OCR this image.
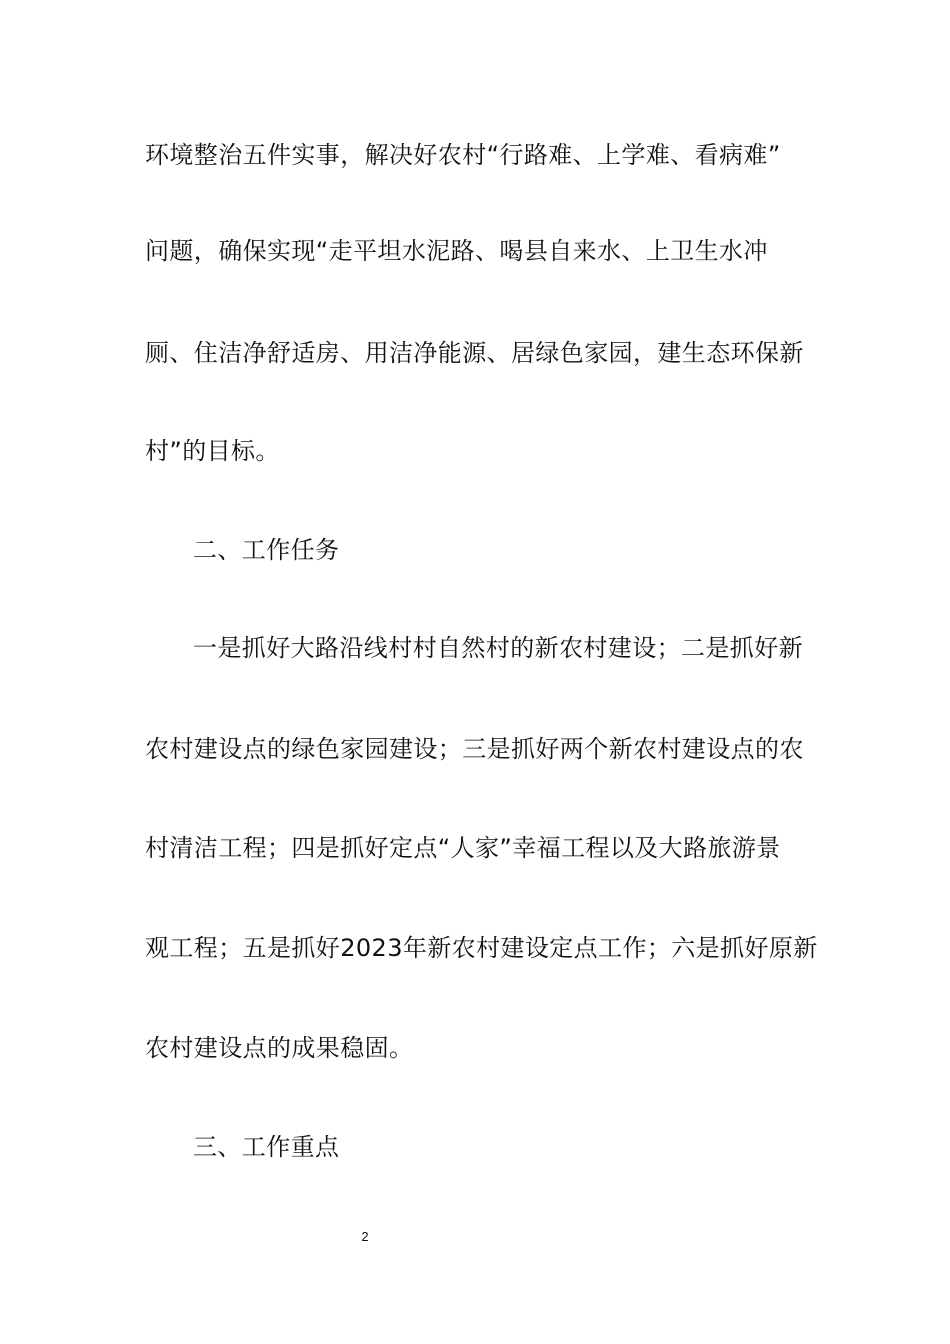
环境整治五件实事，解决好农村“行路难、上学难、看病难”
问题，确保实现“走平坦水泥路、喝县自来水、上卫生水冲
厕、住洁净舒适房、用洁净能源、居绿色家园，建生态环保新
村”的目标。
二、工作任务
一是抓好大路沿线村村自然村的新农村建设；二是抓好新
农村建设点的绿色家园建设；三是抓好两个新农村建设点的农
村清洁工程；四是抓好定点“人家”幸福工程以及大路旅游景
观工程；五是抓好2023年新农村建设定点工作；六是抓好原新
农村建设点的成果稳固。
三、工作重点
2
